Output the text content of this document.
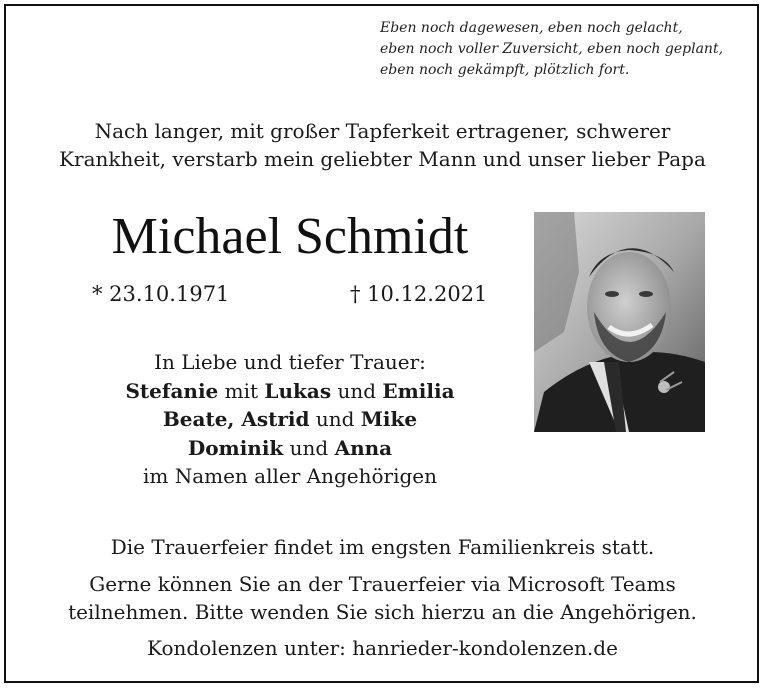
Eben noch dagewesen, eben noch gelacht,
eben noch voller Zuversicht, eben noch geplant,
eben noch gekämpft, plötzlich fort.
Nach langer, mit großer Tapferkeit ertragener, schwerer
Krankheit, verstarb mein geliebter Mann und unser lieber Papa
Michael Schmidt
* 23.10.1971	† 10.12.2021
In Liebe und tiefer Trauer:
Stefanie mit Lukas und Emilia
Beate, Astrid und Mike
Dominik und Anna
im Namen aller Angehörigen
Die Trauerfeier findet im engsten Familienkreis statt.
Gerne können Sie an der Trauerfeier via Microsoft Teams
teilnehmen. Bitte wenden Sie sich hierzu an die Angehörigen.
Kondolenzen unter: hanrieder-kondolenzen.de
